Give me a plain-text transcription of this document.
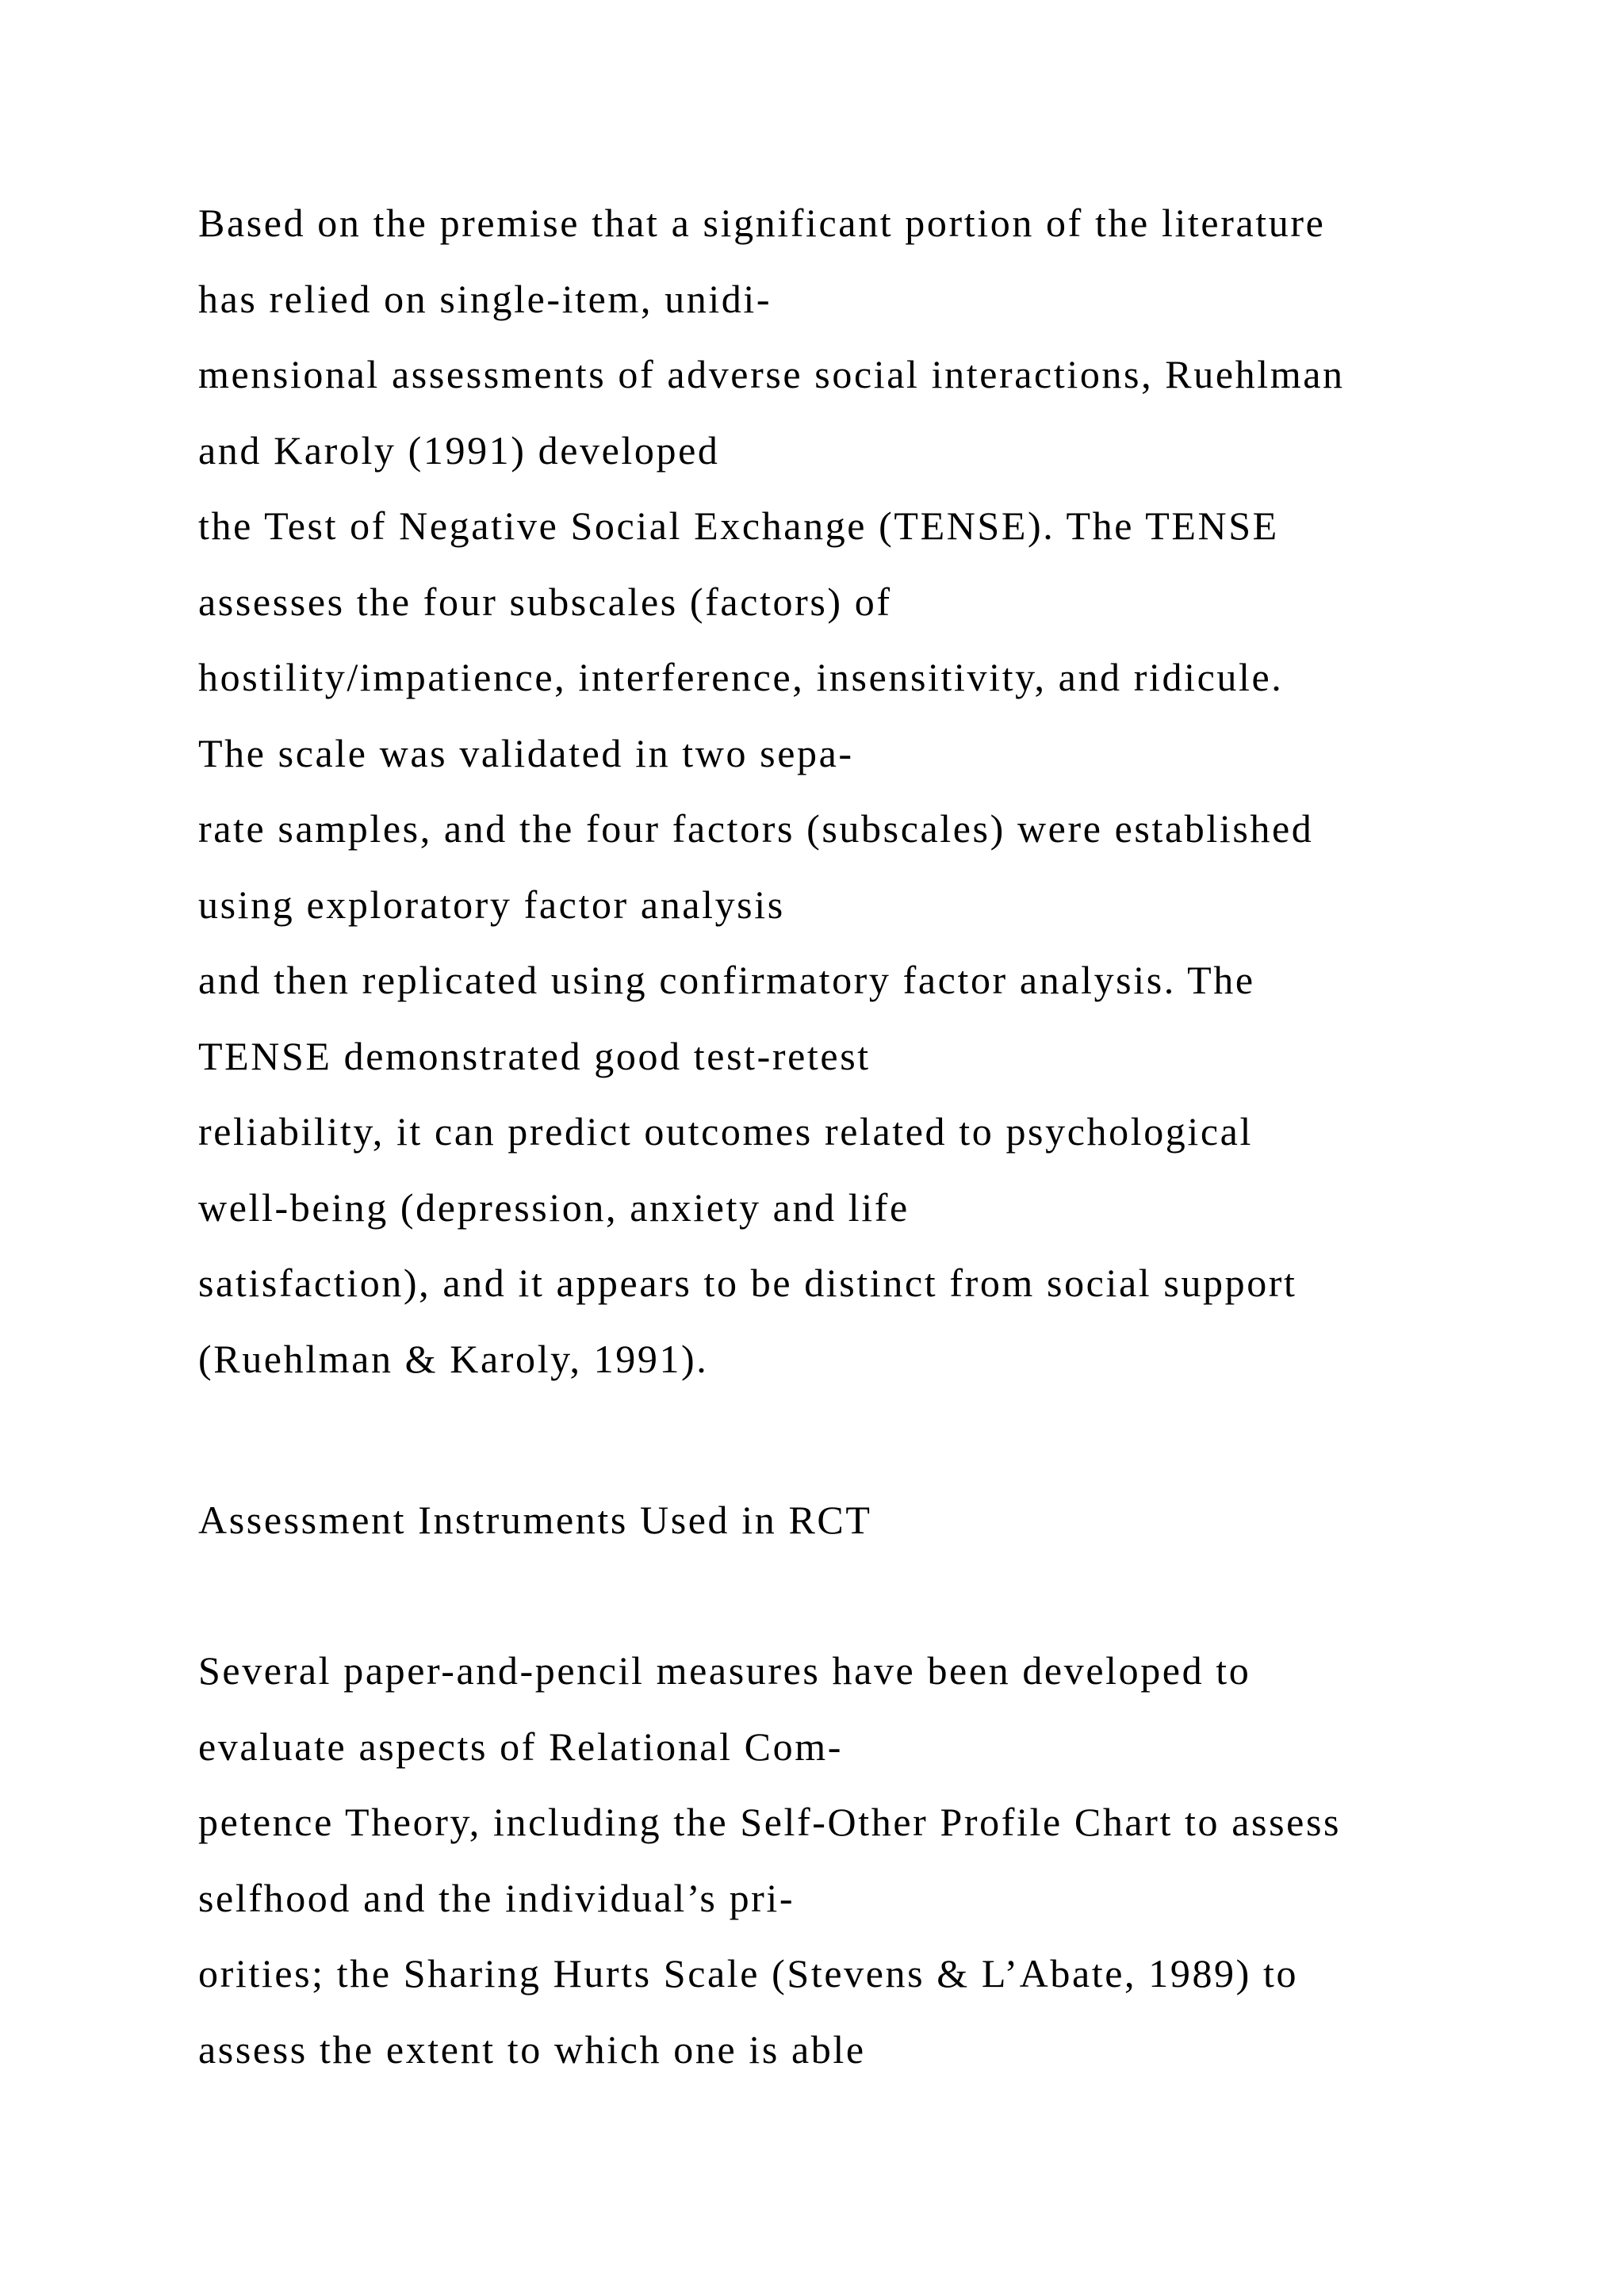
Based on the premise that a significant portion of the literature
has relied on single-item, unidi-
mensional assessments of adverse social interactions, Ruehlman
and Karoly (1991) developed
the Test of Negative Social Exchange (TENSE). The TENSE
assesses the four subscales (factors) of
hostility/impatience, interference, insensitivity, and ridicule.
The scale was validated in two sepa-
rate samples, and the four factors (subscales) were established
using exploratory factor analysis
and then replicated using confirmatory factor analysis. The
TENSE demonstrated good test-retest
reliability, it can predict outcomes related to psychological
well-being (depression, anxiety and life
satisfaction), and it appears to be distinct from social support
(Ruehlman & Karoly, 1991).
Assessment Instruments Used in RCT
Several paper-and-pencil measures have been developed to
evaluate aspects of Relational Com-
petence Theory, including the Self-Other Profile Chart to assess
selfhood and the individual’s pri-
orities; the Sharing Hurts Scale (Stevens & L’Abate, 1989) to
assess the extent to which one is able
